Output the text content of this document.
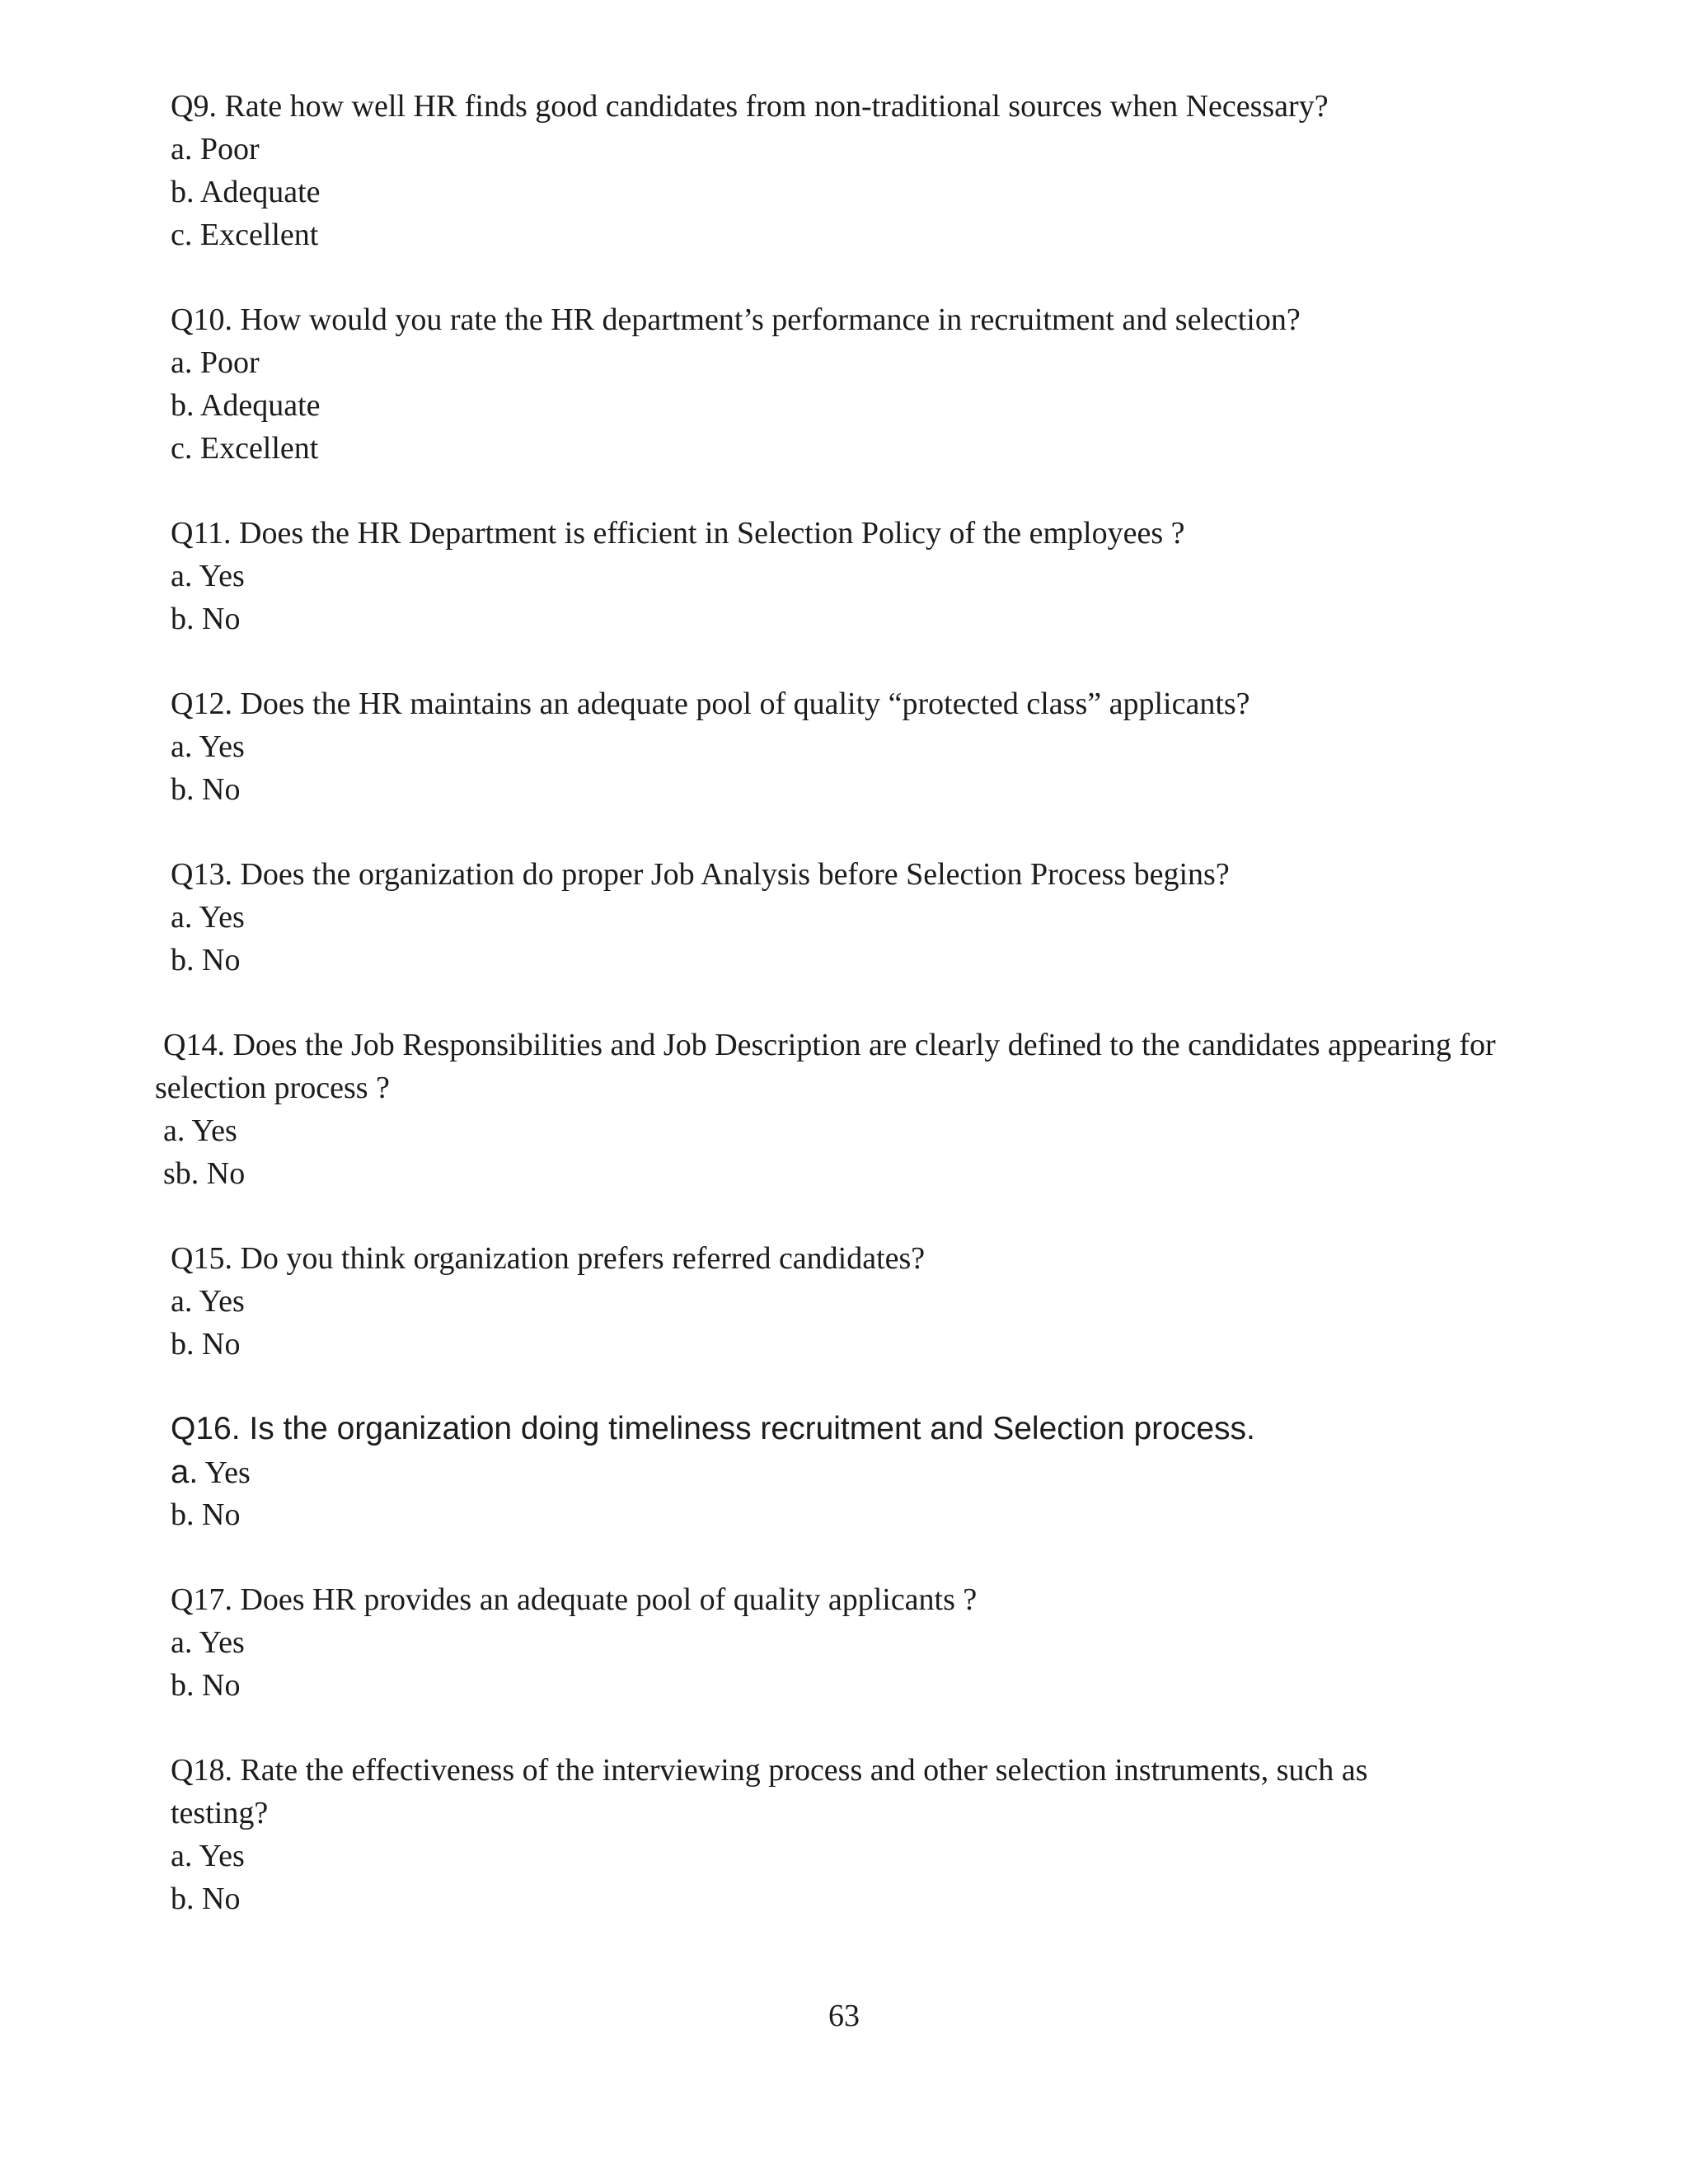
Q9. Rate how well HR finds good candidates from non-traditional sources when Necessary?
a. Poor
b. Adequate
c. Excellent
Q10. How would you rate the HR department’s performance in recruitment and selection?
a. Poor
b. Adequate
c. Excellent
Q11. Does the HR Department is efficient in Selection Policy of the employees ?
a. Yes
b. No
Q12. Does the HR maintains an adequate pool of quality “protected class” applicants?
a. Yes
b. No
Q13. Does the organization do proper Job Analysis before Selection Process begins?
a. Yes
b. No
Q14. Does the Job Responsibilities and Job Description are clearly defined to the candidates appearing for
selection process ?
a. Yes
sb. No
Q15. Do you think organization prefers referred candidates?
a. Yes
b. No
Q16. Is the organization doing timeliness recruitment and Selection process.
a. Yes
b. No
Q17. Does HR provides an adequate pool of quality applicants ?
a. Yes
b. No
Q18. Rate the effectiveness of the interviewing process and other selection instruments, such as
testing?
a. Yes
b. No
63
